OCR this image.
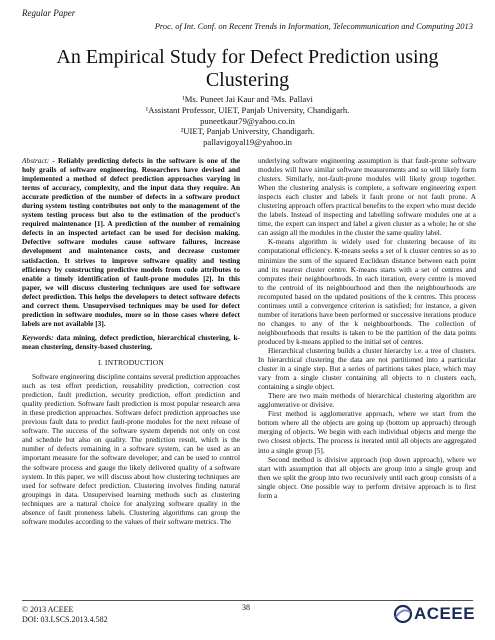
Regular Paper
Proc. of Int. Conf. on Recent Trends in Information, Telecommunication and Computing 2013
An Empirical Study for Defect Prediction using
Clustering
¹Ms. Puneet Jai Kaur and ²Ms. Pallavi
¹Assistant Professor, UIET, Panjab University, Chandigarh.
puneetkaur79@yahoo.co.in
²UIET, Panjab University, Chandigarh.
pallavigoyal19@yahoo.in

Abstract: - Reliably predicting defects in the software is one of the holy grails of software engineering. Researchers have devised and implemented a method of defect prediction approaches varying in terms of accuracy, complexity, and the input data they require. An accurate prediction of the number of defects in a software product during system testing contributes not only to the management of the system testing process but also to the estimation of the product's required maintenance [1]. A prediction of the number of remaining defects in an inspected artefact can be used for decision making. Defective software modules cause software failures, increase development and maintenance costs, and decrease customer satisfaction. It strives to improve software quality and testing efficiency by constructing predictive models from code attributes to enable a timely identification of fault-prone modules [2]. In this paper, we will discuss clustering techniques are used for software defect prediction. This helps the developers to detect software defects and correct them. Unsupervised techniques may be used for defect prediction in software modules, more so in those cases where defect labels are not available [3].

Keywords: data mining, defect prediction, hierarchical clustering, k-mean clustering, density-based clustering.

I. INTRODUCTION

Software engineering discipline contains several prediction approaches such as test effort prediction, reusability prediction, correction cost prediction, fault prediction, security prediction, effort prediction and quality prediction. Software fault prediction is most popular research area in these prediction approaches. Software defect prediction approaches use previous fault data to predict fault-prone modules for the next release of software. The success of the software system depends not only on cost and schedule but also on quality. The prediction result, which is the number of defects remaining in a software system, can be used as an important measure for the software developer, and can be used to control the software process and gauge the likely delivered quality of a software system. In this paper, we will discuss about how clustering techniques are used for software defect prediction. Clustering involves finding natural groupings in data. Unsupervised learning methods such as clustering techniques are a natural choice for analyzing software quality in the absence of fault proneness labels. Clustering algorithms can group the software modules according to the values of their software metrics. The

underlying software engineering assumption is that fault-prone software modules will have similar software measurements and so will likely form clusters. Similarly, not-fault-prone modules will likely group together. When the clustering analysis is complete, a software engineering expert inspects each cluster and labels it fault prone or not fault prone. A clustering approach offers practical benefits to the expert who must decide the labels. Instead of inspecting and labelling software modules one at a time, the expert can inspect and label a given cluster as a whole; he or she can assign all the modules in the cluster the same quality label.

K-means algorithm is widely used for clustering because of its computational efficiency. K-means seeks a set of k cluster centres so as to minimize the sum of the squared Euclidean distance between each point and its nearest cluster centre. K-means starts with a set of centres and computes their neighbourhoods. In each iteration, every centre is moved to the centroid of its neighbourhood and then the neighbourhoods are recomputed based on the updated positions of the k centres. This process continues until a convergence criterion is satisfied; for instance, a given number of iterations have been performed or successive iterations produce no changes to any of the k neighbourhoods. The collection of neighbourhoods that results is taken to be the partition of the data points produced by k-means applied to the initial set of centres.

Hierarchical clustering builds a cluster hierarchy i.e. a tree of clusters. In hierarchical clustering the data are not partitioned into a particular cluster in a single step. But a series of partitions takes place, which may vary from a single cluster containing all objects to n clusters each, containing a single object.

There are two main methods of hierarchical clustering algorithm are agglomerative or divisive.

First method is agglomerative approach, where we start from the bottom where all the objects are going up (bottom up approach) through merging of objects. We begin with each individual objects and merge the two closest objects. The process is iterated until all objects are aggregated into a single group [5].

Second method is divisive approach (top down approach), where we start with assumption that all objects are group into a single group and then we split the group into two recursively until each group consists of a single object. One possible way to perform divisive approach is to first form a

© 2013 ACEEE
DOI: 03.LSCS.2013.4.582
38	ACEEE
